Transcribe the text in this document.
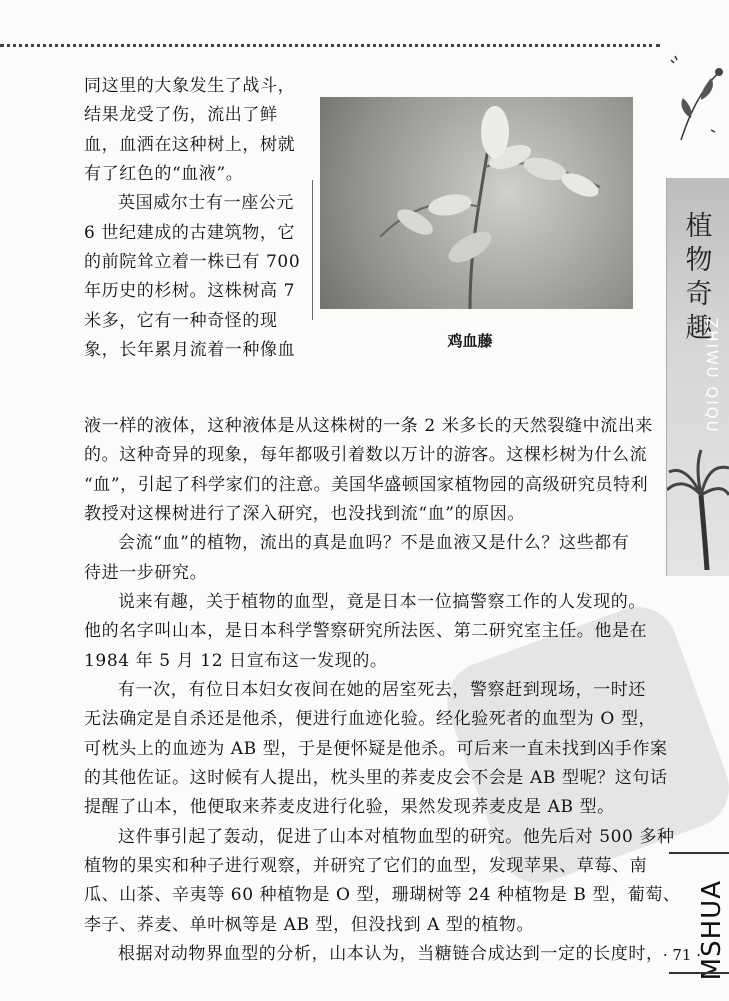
植
物
奇
趣
ZHIWU QIQU
鸡血藤
同这里的大象发生了战斗，
结果龙受了伤，流出了鲜
血，血洒在这种树上，树就
有了红色的“血液”。
英国威尔士有一座公元
6 世纪建成的古建筑物，它
的前院耸立着一株已有 700
年历史的杉树。这株树高 7
米多，它有一种奇怪的现
象，长年累月流着一种像血
液一样的液体，这种液体是从这株树的一条 2 米多长的天然裂缝中流出来
的。这种奇异的现象，每年都吸引着数以万计的游客。这棵杉树为什么流
“血”，引起了科学家们的注意。美国华盛顿国家植物园的高级研究员特利
教授对这棵树进行了深入研究，也没找到流“血”的原因。
会流“血”的植物，流出的真是血吗？不是血液又是什么？这些都有
待进一步研究。
说来有趣，关于植物的血型，竟是日本一位搞警察工作的人发现的。
他的名字叫山本，是日本科学警察研究所法医、第二研究室主任。他是在
1984 年 5 月 12 日宣布这一发现的。
有一次，有位日本妇女夜间在她的居室死去，警察赶到现场，一时还
无法确定是自杀还是他杀，便进行血迹化验。经化验死者的血型为 O 型，
可枕头上的血迹为 AB 型，于是便怀疑是他杀。可后来一直未找到凶手作案
的其他佐证。这时候有人提出，枕头里的荞麦皮会不会是 AB 型呢？这句话
提醒了山本，他便取来荞麦皮进行化验，果然发现荞麦皮是 AB 型。
这件事引起了轰动，促进了山本对植物血型的研究。他先后对 500 多种
植物的果实和种子进行观察，并研究了它们的血型，发现苹果、草莓、南
瓜、山茶、辛夷等 60 种植物是 O 型，珊瑚树等 24 种植物是 B 型，葡萄、
李子、荞麦、单叶枫等是 AB 型，但没找到 A 型的植物。
根据对动物界血型的分析，山本认为，当糖链合成达到一定的长度时， MSHUA
· 71 ·
